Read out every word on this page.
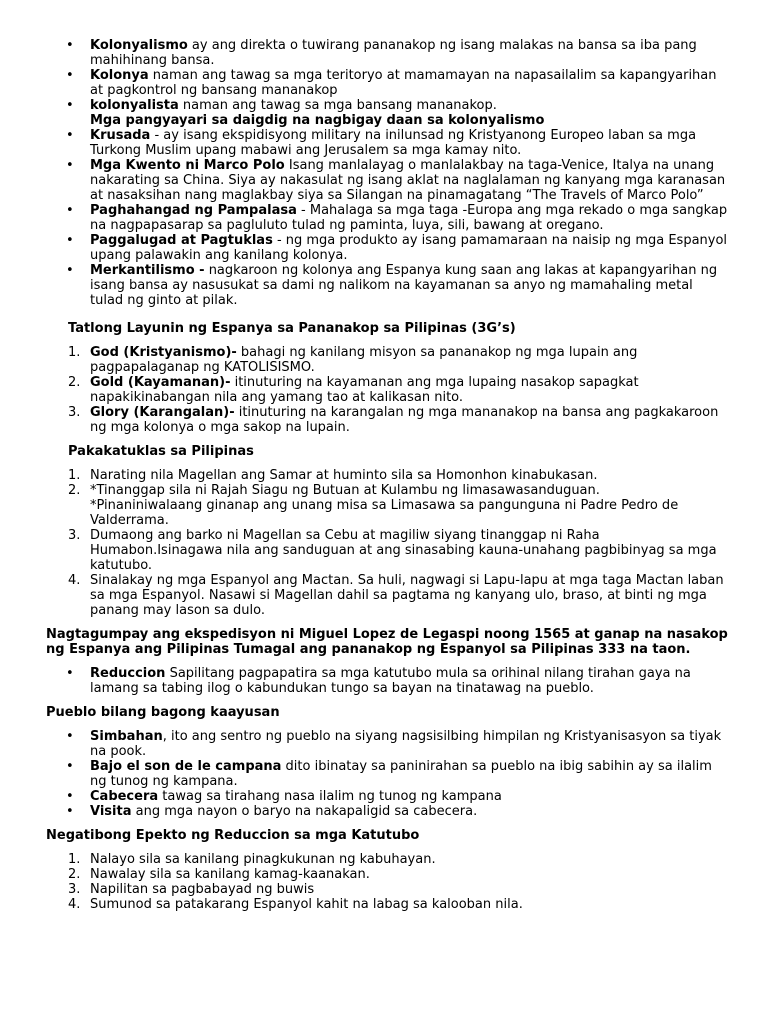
• Kolonyalismo ay ang direkta o tuwirang pananakop ng isang malakas na bansa sa iba pang mahihinang bansa.
• Kolonya naman ang tawag sa mga teritoryo at mamamayan na napasailalim sa kapangyarihan at pagkontrol ng bansang mananakop
• kolonyalista naman ang tawag sa mga bansang mananakop.
Mga pangyayari sa daigdig na nagbigay daan sa kolonyalismo
• Krusada - ay isang ekspidisyong military na inilunsad ng Kristyanong Europeo laban sa mga Turkong Muslim upang mabawi ang Jerusalem sa mga kamay nito.
• Mga Kwento ni Marco Polo Isang manlalayag o manlalakbay na taga-Venice, Italya na unang nakarating sa China. Siya ay nakasulat ng isang aklat na naglalaman ng kanyang mga karanasan at nasaksihan nang maglakbay siya sa Silangan na pinamagatang “The Travels of Marco Polo”
• Paghahangad ng Pampalasa - Mahalaga sa mga taga -Europa ang mga rekado o mga sangkap na nagpapasarap sa pagluluto tulad ng paminta, luya, sili, bawang at oregano.
• Paggalugad at Pagtuklas - ng mga produkto ay isang pamamaraan na naisip ng mga Espanyol upang palawakin ang kanilang kolonya.
• Merkantilismo - nagkaroon ng kolonya ang Espanya kung saan ang lakas at kapangyarihan ng isang bansa ay nasusukat sa dami ng nalikom na kayamanan sa anyo ng mamahaling metal tulad ng ginto at pilak.
Tatlong Layunin ng Espanya sa Pananakop sa Pilipinas (3G’s)
1. God (Kristyanismo)- bahagi ng kanilang misyon sa pananakop ng mga lupain ang pagpapalaganap ng KATOLISISMO.
2. Gold (Kayamanan)- itinuturing na kayamanan ang mga lupaing nasakop sapagkat napakikinabangan nila ang yamang tao at kalikasan nito.
3. Glory (Karangalan)- itinuturing na karangalan ng mga mananakop na bansa ang pagkakaroon ng mga kolonya o mga sakop na lupain.
Pakakatuklas sa Pilipinas
1. Narating nila Magellan ang Samar at huminto sila sa Homonhon kinabukasan.
2. *Tinanggap sila ni Rajah Siagu ng Butuan at Kulambu ng limasawasanduguan.
*Pinaniniwalaang ginanap ang unang misa sa Limasawa sa pangunguna ni Padre Pedro de Valderrama.
3. Dumaong ang barko ni Magellan sa Cebu at magiliw siyang tinanggap ni Raha Humabon.Isinagawa nila ang sanduguan at ang sinasabing kauna-unahang pagbibinyag sa mga katutubo.
4. Sinalakay ng mga Espanyol ang Mactan. Sa huli, nagwagi si Lapu-lapu at mga taga Mactan laban sa mga Espanyol. Nasawi si Magellan dahil sa pagtama ng kanyang ulo, braso, at binti ng mga panang may lason sa dulo.
Nagtagumpay ang ekspedisyon ni Miguel Lopez de Legaspi noong 1565 at ganap na nasakop ng Espanya ang Pilipinas Tumagal ang pananakop ng Espanyol sa Pilipinas 333 na taon.
• Reduccion Sapilitang pagpapatira sa mga katutubo mula sa orihinal nilang tirahan gaya na lamang sa tabing ilog o kabundukan tungo sa bayan na tinatawag na pueblo.
Pueblo bilang bagong kaayusan
• Simbahan, ito ang sentro ng pueblo na siyang nagsisilbing himpilan ng Kristyanisasyon sa tiyak na pook.
• Bajo el son de le campana dito ibinatay sa paninirahan sa pueblo na ibig sabihin ay sa ilalim ng tunog ng kampana.
• Cabecera tawag sa tirahang nasa ilalim ng tunog ng kampana
• Visita ang mga nayon o baryo na nakapaligid sa cabecera.
Negatibong Epekto ng Reduccion sa mga Katutubo
1. Nalayo sila sa kanilang pinagkukunan ng kabuhayan.
2. Nawalay sila sa kanilang kamag-kaanakan.
3. Napilitan sa pagbabayad ng buwis
4. Sumunod sa patakarang Espanyol kahit na labag sa kalooban nila.
